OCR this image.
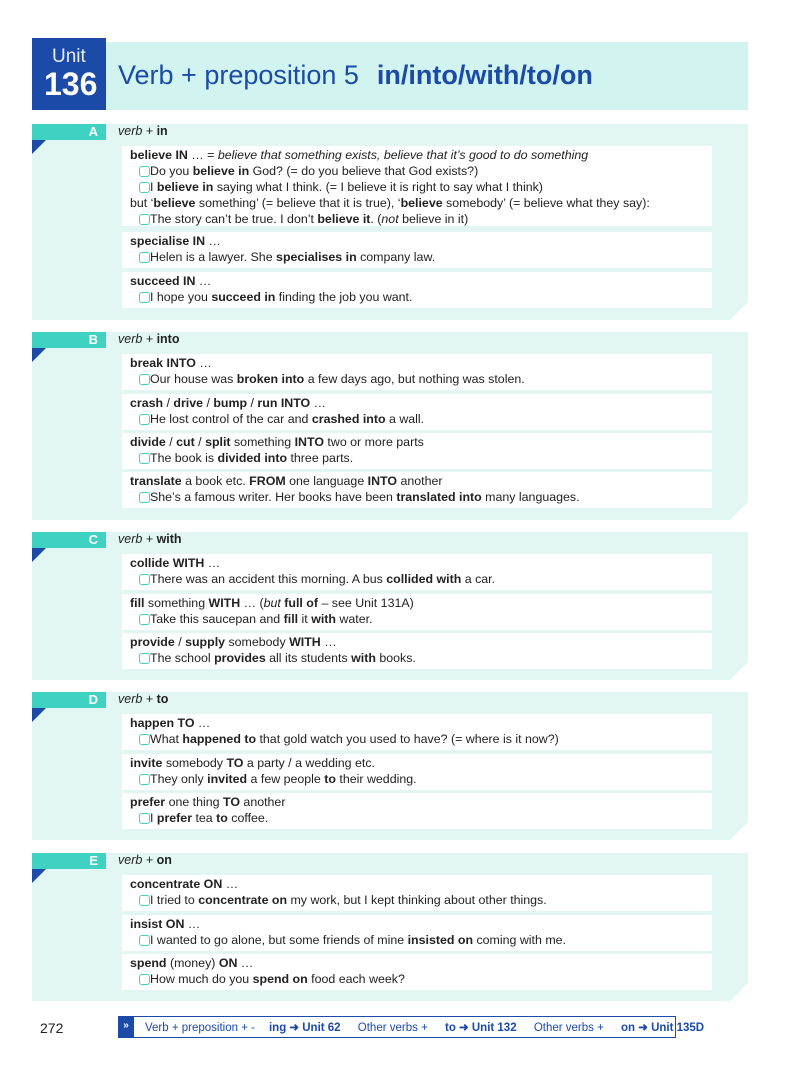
Unit
136 Verb + preposition 5 in/into/with/to/on
A	verb + in
believe IN … = believe that something exists, believe that it’s good to do something
Do you believe in God? (= do you believe that God exists?)
I believe in saying what I think. (= I believe it is right to say what I think)
but ‘believe something’ (= believe that it is true), ‘believe somebody’ (= believe what they say):
The story can’t be true. I don’t believe it. (not believe in it)
specialise IN …
Helen is a lawyer. She specialises in company law.
succeed IN …
I hope you succeed in finding the job you want.
B	verb + into
break INTO …
Our house was broken into a few days ago, but nothing was stolen.
crash / drive / bump / run INTO …
He lost control of the car and crashed into a wall.
divide / cut / split something INTO two or more parts
The book is divided into three parts.
translate a book etc. FROM one language INTO another
She’s a famous writer. Her books have been translated into many languages.
C	verb + with
collide WITH …
There was an accident this morning. A bus collided with a car.
fill something WITH … (but full of – see Unit 131A)
Take this saucepan and fill it with water.
provide / supply somebody WITH …
The school provides all its students with books.
D	verb + to
happen TO …
What happened to that gold watch you used to have? (= where is it now?)
invite somebody TO a party / a wedding etc.
They only invited a few people to their wedding.
prefer one thing TO another
I prefer tea to coffee.
E	verb + on
concentrate ON …
I tried to concentrate on my work, but I kept thinking about other things.
insist ON …
I wanted to go alone, but some friends of mine insisted on coming with me.
spend (money) ON …
How much do you spend on food each week?
272	»	Verb + preposition + - ing ➜ Unit 62 Other verbs + to ➜ Unit 132 Other verbs + on ➜ Unit 135D
